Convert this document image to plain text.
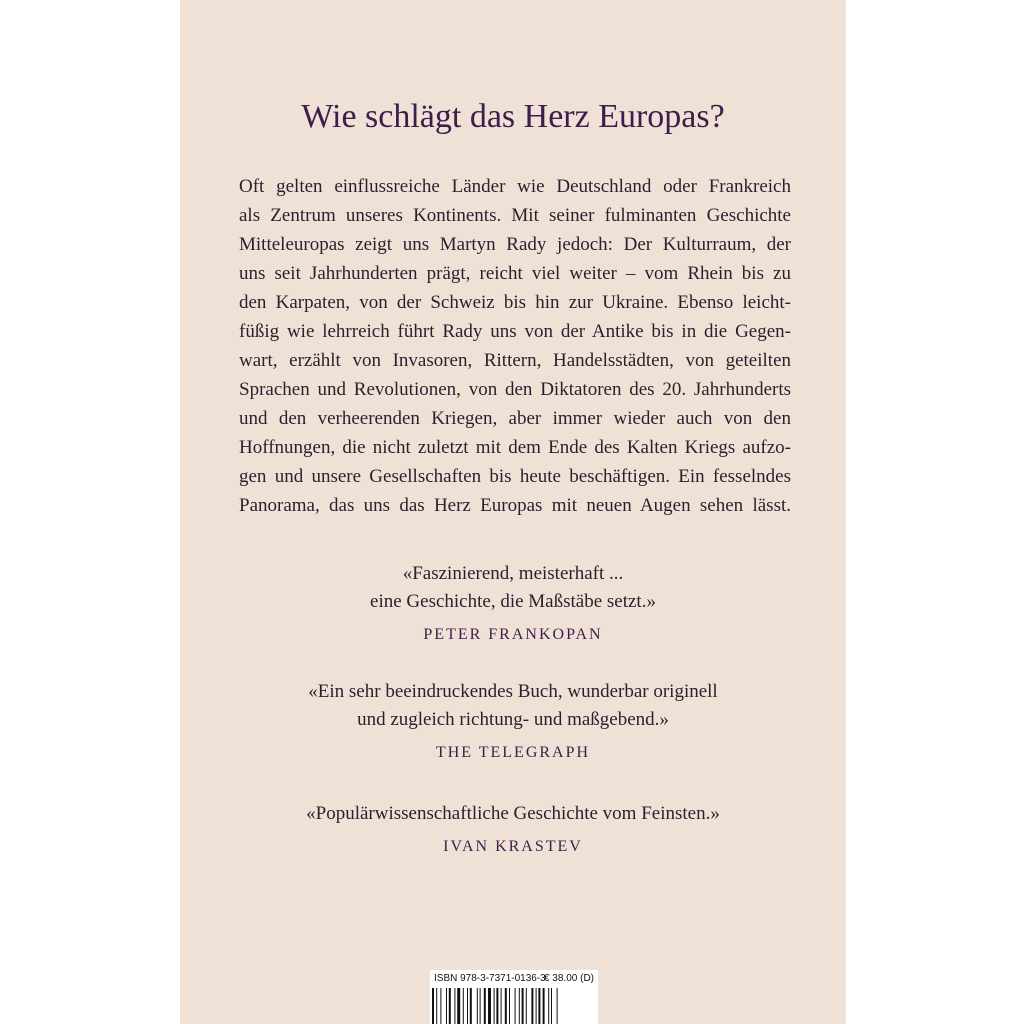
Wie schlägt das Herz Europas?
Oft gelten einflussreiche Länder wie Deutschland oder Frankreich
als Zentrum unseres Kontinents. Mit seiner fulminanten Geschichte
Mitteleuropas zeigt uns Martyn Rady jedoch: Der Kulturraum, der
uns seit Jahrhunderten prägt, reicht viel weiter – vom Rhein bis zu
den Karpaten, von der Schweiz bis hin zur Ukraine. Ebenso leicht-
füßig wie lehrreich führt Rady uns von der Antike bis in die Gegen-
wart, erzählt von Invasoren, Rittern, Handelsstädten, von geteilten
Sprachen und Revolutionen, von den Diktatoren des 20. Jahrhunderts
und den verheerenden Kriegen, aber immer wieder auch von den
Hoffnungen, die nicht zuletzt mit dem Ende des Kalten Kriegs aufzo-
gen und unsere Gesellschaften bis heute beschäftigen. Ein fesselndes
Panorama, das uns das Herz Europas mit neuen Augen sehen lässt.
«Faszinierend, meisterhaft ...
eine Geschichte, die Maßstäbe setzt.»
PETER FRANKOPAN
«Ein sehr beeindruckendes Buch, wunderbar originell
und zugleich richtung- und maßgebend.»
THE TELEGRAPH
«Populärwissenschaftliche Geschichte vom Feinsten.»
IVAN KRASTEV
ISBN 978-3-7371-0136-3
€ 38.00 (D)
